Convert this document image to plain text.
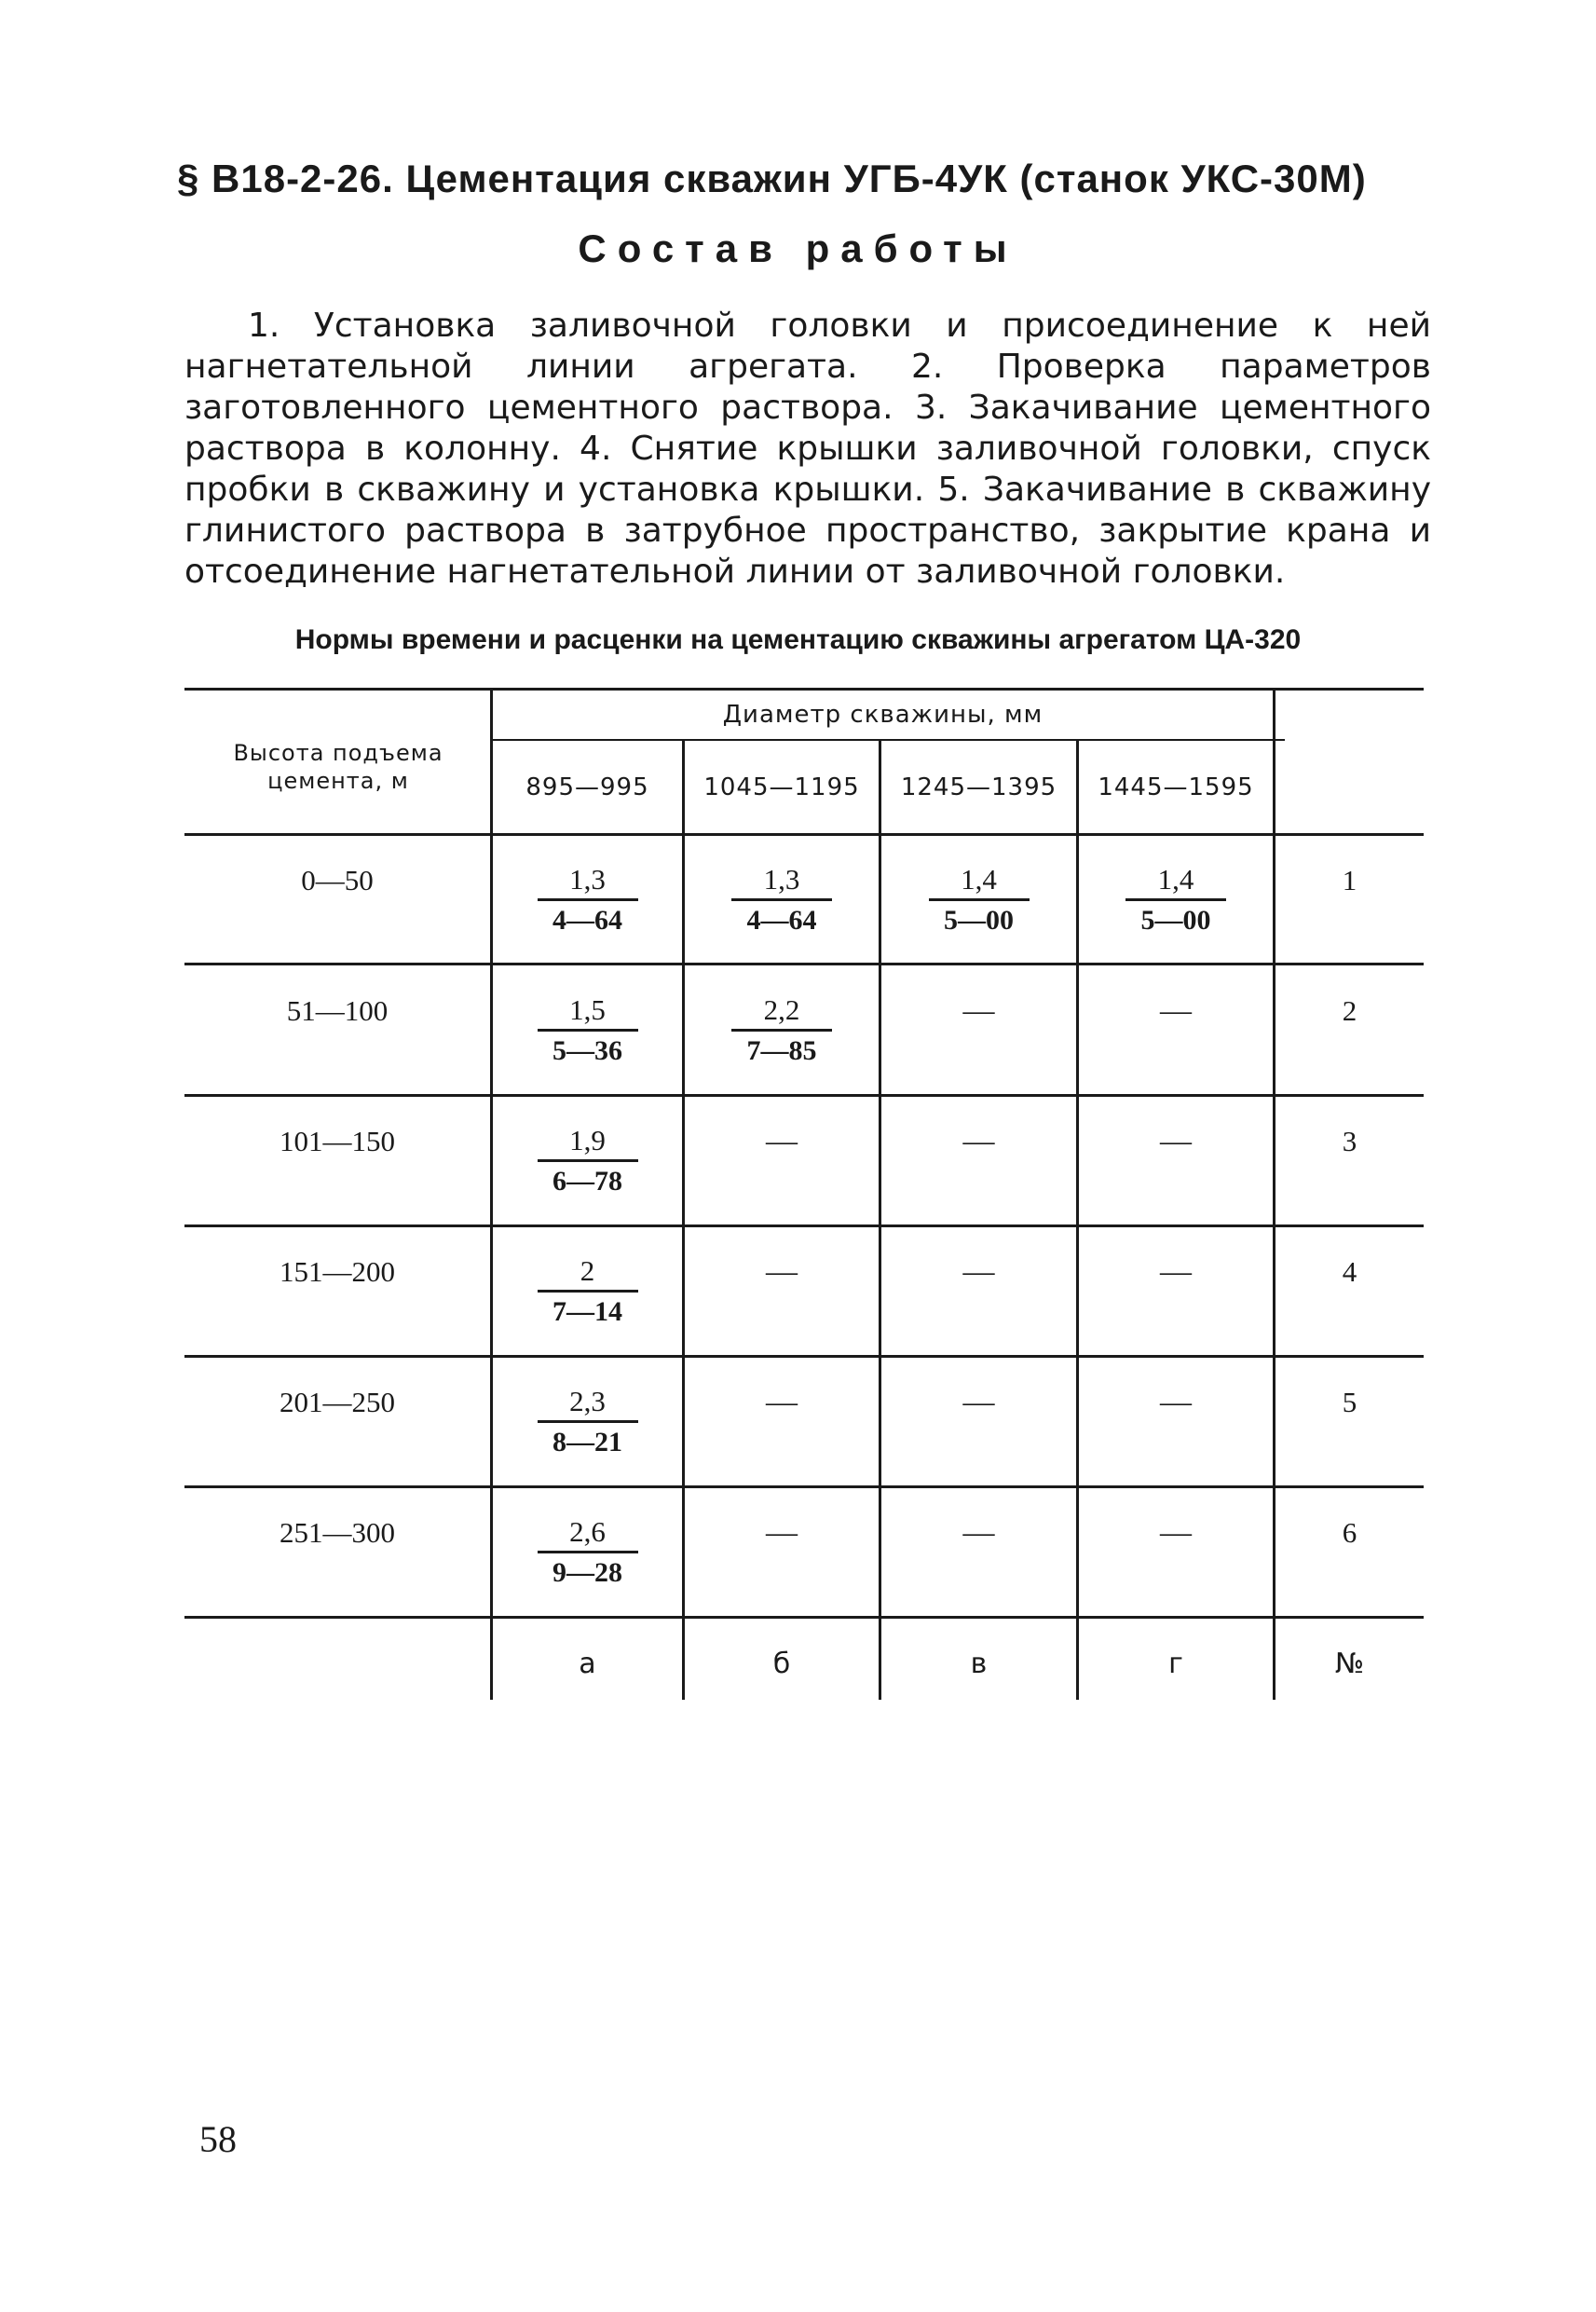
§ В18-2-26. Цементация скважин УГБ-4УК (станок УКС-30М)
Состав работы
1. Установка заливочной головки и присоединение к ней нагнетательной линии агрегата. 2. Проверка параметров заготовленного цементного раствора. 3. Закачивание цементного раствора в колонну. 4. Снятие крышки заливочной головки, спуск пробки в скважину и установка крышки. 5. Закачивание в скважину глинистого раствора в затрубное пространство, закрытие крана и отсоединение нагнетательной линии от заливочной головки.
Нормы времени и расценки на цементацию скважины агрегатом ЦА-320
Высота подъема цемента, м
Диаметр скважины, мм
895—995	1045—1195	1245—1395	1445—1595
0—50	$\frac{1,3}{4—64}$	$\frac{1,3}{4—64}$	$\frac{1,4}{5—00}$	$\frac{1,4}{5—00}$	1
51—100	$\frac{1,5}{5—36}$	$\frac{2,2}{7—85}$	—	—	2
101—150	$\frac{1,9}{6—78}$	—	—	—	3
151—200	$\frac{2}{7—14}$	—	—	—	4
201—250	$\frac{2,3}{8—21}$	—	—	—	5
251—300	$\frac{2,6}{9—28}$	—	—	—	6
а	б	в	г	№
58
